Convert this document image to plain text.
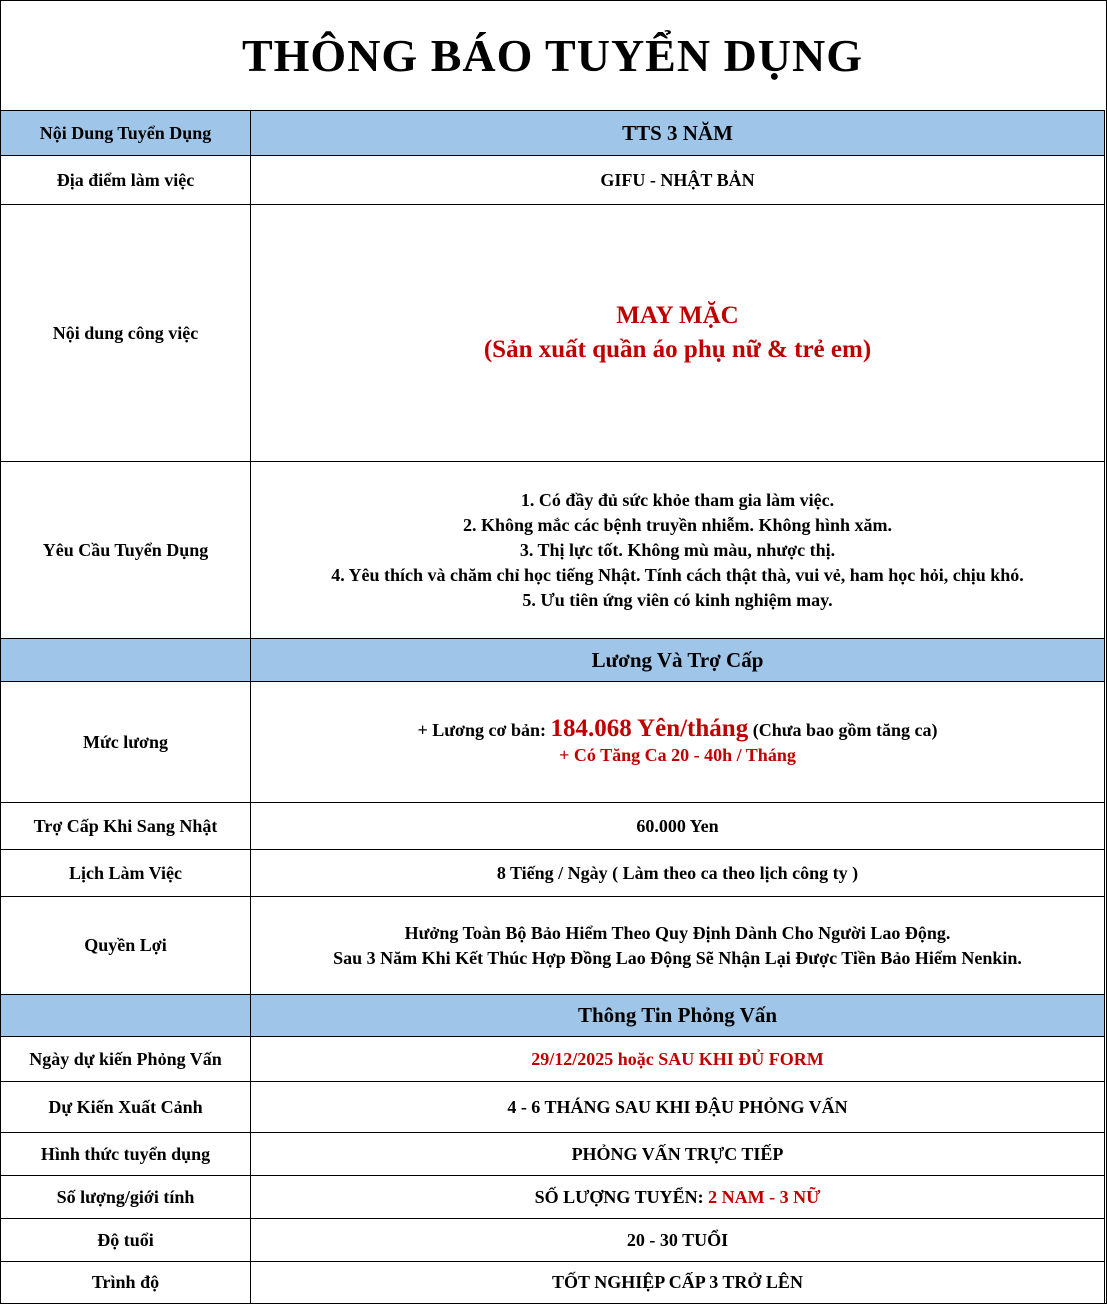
THÔNG BÁO TUYỂN DỤNG
Nội Dung Tuyển Dụng	TTS 3 NĂM
Địa điểm làm việc	GIFU - NHẬT BẢN
Nội dung công việc	MAY MẶC
(Sản xuất quần áo phụ nữ & trẻ em)

Yêu Cầu Tuyển Dụng	1. Có đầy đủ sức khỏe tham gia làm việc.
2. Không mắc các bệnh truyền nhiễm. Không hình xăm.
3. Thị lực tốt. Không mù màu, nhược thị.
4. Yêu thích và chăm chỉ học tiếng Nhật. Tính cách thật thà, vui vẻ, ham học hỏi, chịu khó.
5. Ưu tiên ứng viên có kinh nghiệm may.

	Lương Và Trợ Cấp
Mức lương	+ Lương cơ bản: 184.068 Yên/tháng (Chưa bao gồm tăng ca)
+ Có Tăng Ca 20 - 40h / Tháng

Trợ Cấp Khi Sang Nhật	60.000 Yen
Lịch Làm Việc	8 Tiếng / Ngày ( Làm theo ca theo lịch công ty )
Quyền Lợi	Hưởng Toàn Bộ Bảo Hiểm Theo Quy Định Dành Cho Người Lao Động.
Sau 3 Năm Khi Kết Thúc Hợp Đồng Lao Động Sẽ Nhận Lại Được Tiền Bảo Hiểm Nenkin.

	Thông Tin Phỏng Vấn
Ngày dự kiến Phỏng Vấn	29/12/2025 hoặc SAU KHI ĐỦ FORM
Dự Kiến Xuất Cảnh	4 - 6 THÁNG SAU KHI ĐẬU PHỎNG VẤN
Hình thức tuyển dụng	PHỎNG VẤN TRỰC TIẾP
Số lượng/giới tính	SỐ LƯỢNG TUYỂN: 2 NAM - 3 NỮ
Độ tuổi	20 - 30 TUỔI
Trình độ	TỐT NGHIỆP CẤP 3 TRỞ LÊN
